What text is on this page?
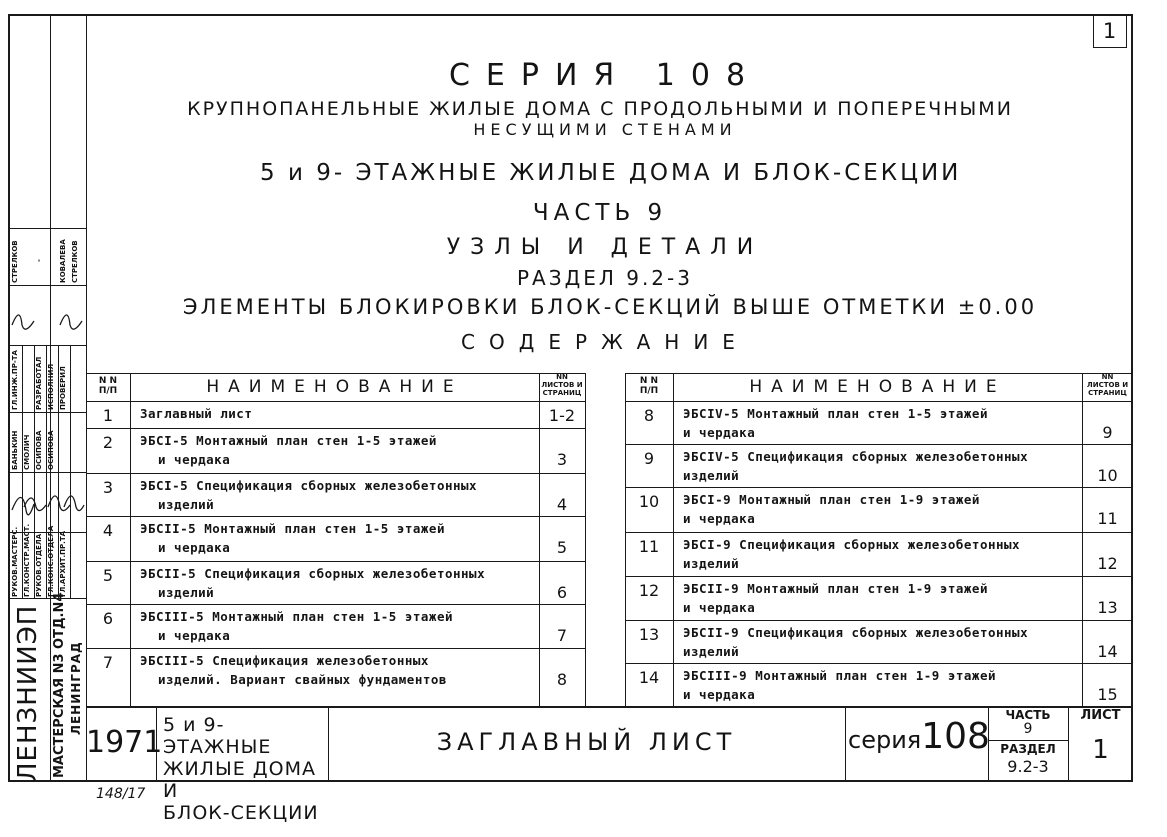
1
СЕРИЯ 108
КРУПНОПАНЕЛЬНЫЕ ЖИЛЫЕ ДОМА С ПРОДОЛЬНЫМИ И ПОПЕРЕЧНЫМИ
НЕСУЩИМИ СТЕНАМИ
5 и 9- ЭТАЖНЫЕ ЖИЛЫЕ ДОМА И БЛОК-СЕКЦИИ
ЧАСТЬ 9
УЗЛЫ И ДЕТАЛИ
РАЗДЕЛ 9.2-3
ЭЛЕМЕНТЫ БЛОКИРОВКИ БЛОК-СЕКЦИЙ ВЫШЕ ОТМЕТКИ ±0.00
СОДЕРЖАНИЕ
N N
П/П	НАИМЕНОВАНИЕ	NN
ЛИСТОВ И
СТРАНИЦ
1	Заглавный лист	1-2
2	ЭБСI-5 Монтажный план стен 1-5 этажей
и чердака	3
3	ЭБСI-5 Спецификация сборных железобетонных
изделий	4
4	ЭБСII-5 Монтажный план стен 1-5 этажей
и чердака	5
5	ЭБСII-5 Спецификация сборных железобетонных
изделий	6
6	ЭБСIII-5 Монтажный план стен 1-5 этажей
и чердака	7
7	ЭБСIII-5 Спецификация железобетонных
изделий. Вариант свайных фундаментов	8
N N
П/П	НАИМЕНОВАНИЕ	NN
ЛИСТОВ И
СТРАНИЦ
8	ЭБСIV-5 Монтажный план стен 1-5 этажей
и чердака	9
9	ЭБСIV-5 Спецификация сборных железобетонных
изделий	10
10	ЭБСI-9 Монтажный план стен 1-9 этажей
и чердака	11
11	ЭБСI-9 Спецификация сборных железобетонных
изделий	12
12	ЭБСII-9 Монтажный план стен 1-9 этажей
и чердака	13
13	ЭБСII-9 Спецификация сборных железобетонных
изделий	14
14	ЭБСIII-9 Монтажный план стен 1-9 этажей
и чердака	15
1971 5 и 9-ЭТАЖНЫЕ
ЖИЛЫЕ ДОМА И
БЛОК-СЕКЦИИ
ЗАГЛАВНЫЙ ЛИСТ	серия108
ЧАСТЬ
9
РАЗДЕЛ
9.2-3
ЛИСТ
1
ЛЕНЗНИИЭП МАСТЕРСКАЯ N3 ОТД.N4 ЛЕНИНГРАД
РУКОВ.МАСТЕРС. ГЛ.КОНСТР.МАСТ. РУКОВ.ОТДЕЛА ГЛ.КОНС.ОТДЕЛА ГЛ.АРХИТ.ПР.ТА
ГЛ.ИНЖ.ПР-ТА
БАНЬКИН СМОЛИЧ ОСИПОВА ОСИПОВА
РАЗРАБОТАЛ ИСПОЛНИЛ ПРОВЕРИЛ
СТРЕЛКОВ	КОВАЛЕВА СТРЕЛКОВ
-
148/17
